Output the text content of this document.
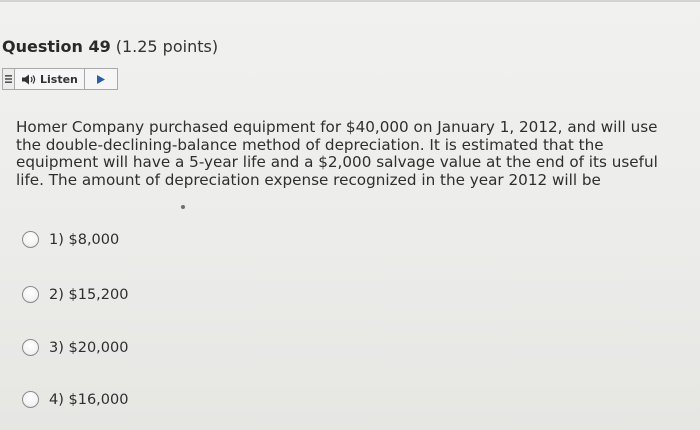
Question 49 (1.25 points)
Listen

Homer Company purchased equipment for $40,000 on January 1, 2012, and will use the double-declining-balance method of depreciation. It is estimated that the equipment will have a 5-year life and a $2,000 salvage value at the end of its useful life. The amount of depreciation expense recognized in the year 2012 will be

1) $8,000
2) $15,200
3) $20,000
4) $16,000
